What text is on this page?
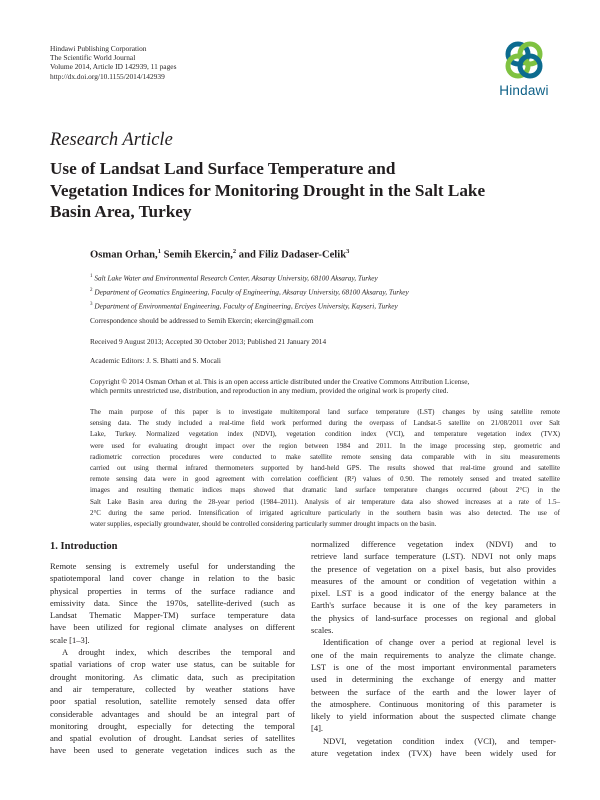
Hindawi Publishing Corporation
The Scientific World Journal
Volume 2014, Article ID 142939, 11 pages
http://dx.doi.org/10.1155/2014/142939
Hindawi
Research Article
Use of Landsat Land Surface Temperature and
Vegetation Indices for Monitoring Drought in the Salt Lake
Basin Area, Turkey
Osman Orhan,$^1$ Semih Ekercin,$^2$ and Filiz Dadaser-Celik$^3$
$^1$ Salt Lake Water and Environmental Research Center, Aksaray University, 68100 Aksaray, Turkey
$^2$ Department of Geomatics Engineering, Faculty of Engineering, Aksaray University, 68100 Aksaray, Turkey
$^3$ Department of Environmental Engineering, Faculty of Engineering, Erciyes University, Kayseri, Turkey
Correspondence should be addressed to Semih Ekercin; ekercin@gmail.com
Received 9 August 2013; Accepted 30 October 2013; Published 21 January 2014
Academic Editors: J. S. Bhatti and S. Mocali
Copyright © 2014 Osman Orhan et al. This is an open access article distributed under the Creative Commons Attribution License,
which permits unrestricted use, distribution, and reproduction in any medium, provided the original work is properly cited.
The main purpose of this paper is to investigate multitemporal land surface temperature (LST) changes by using satellite remote
sensing data. The study included a real-time field work performed during the overpass of Landsat-5 satellite on 21/08/2011 over Salt
Lake, Turkey. Normalized vegetation index (NDVI), vegetation condition index (VCI), and temperature vegetation index (TVX)
were used for evaluating drought impact over the region between 1984 and 2011. In the image processing step, geometric and
radiometric correction procedures were conducted to make satellite remote sensing data comparable with in situ measurements
carried out using thermal infrared thermometers supported by hand-held GPS. The results showed that real-time ground and satellite
remote sensing data were in good agreement with correlation coefficient (R²) values of 0.90. The remotely sensed and treated satellite
images and resulting thematic indices maps showed that dramatic land surface temperature changes occurred (about 2°C) in the
Salt Lake Basin area during the 28-year period (1984–2011). Analysis of air temperature data also showed increases at a rate of 1.5–
2°C during the same period. Intensification of irrigated agriculture particularly in the southern basin was also detected. The use of
water supplies, especially groundwater, should be controlled considering particularly summer drought impacts on the basin.
1. Introduction
Remote sensing is extremely useful for understanding the
spatiotemporal land cover change in relation to the basic
physical properties in terms of the surface radiance and
emissivity data. Since the 1970s, satellite-derived (such as
Landsat Thematic Mapper-TM) surface temperature data
have been utilized for regional climate analyses on different
scale [1–3].
A drought index, which describes the temporal and
spatial variations of crop water use status, can be suitable for
drought monitoring. As climatic data, such as precipitation
and air temperature, collected by weather stations have
poor spatial resolution, satellite remotely sensed data offer
considerable advantages and should be an integral part of
monitoring drought, especially for detecting the temporal
and spatial evolution of drought. Landsat series of satellites
have been used to generate vegetation indices such as the
normalized difference vegetation index (NDVI) and to
retrieve land surface temperature (LST). NDVI not only maps
the presence of vegetation on a pixel basis, but also provides
measures of the amount or condition of vegetation within a
pixel. LST is a good indicator of the energy balance at the
Earth's surface because it is one of the key parameters in
the physics of land-surface processes on regional and global
scales.
Identification of change over a period at regional level is
one of the main requirements to analyze the climate change.
LST is one of the most important environmental parameters
used in determining the exchange of energy and matter
between the surface of the earth and the lower layer of
the atmosphere. Continuous monitoring of this parameter is
likely to yield information about the suspected climate change
[4].
NDVI, vegetation condition index (VCI), and temper-
ature vegetation index (TVX) have been widely used for
